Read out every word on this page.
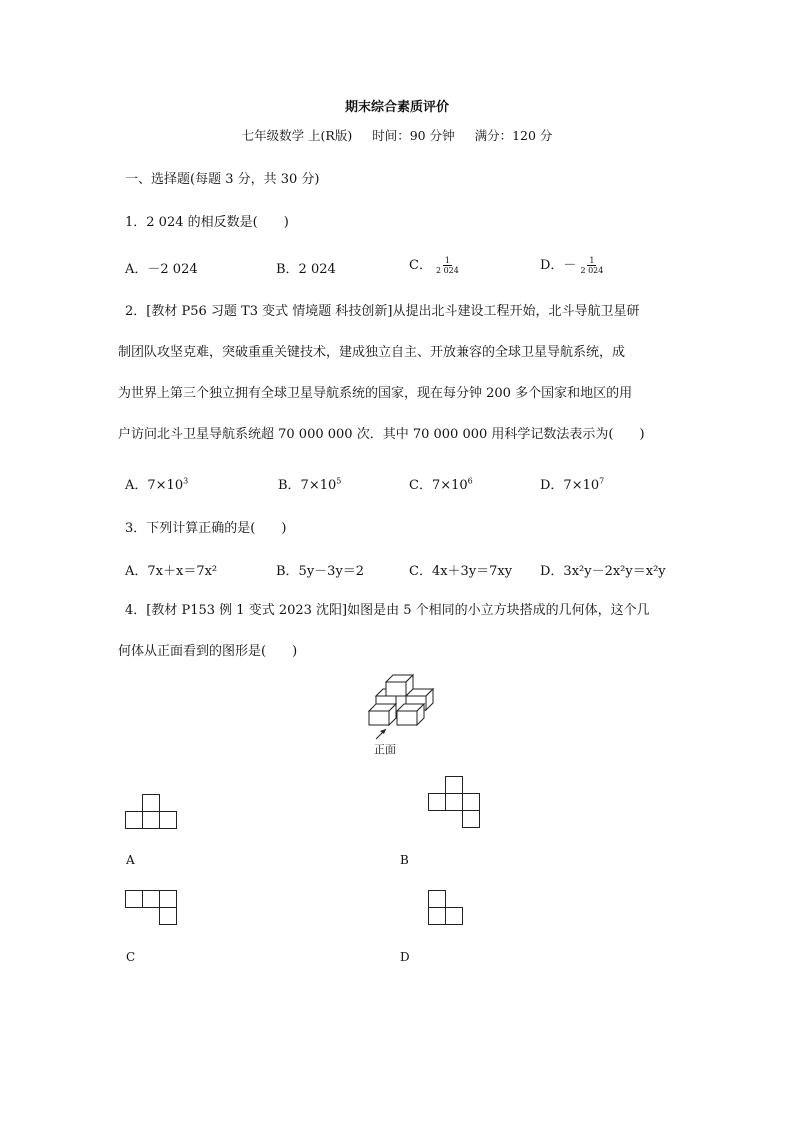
期末综合素质评价
七年级数学 上(R版) 时间：90 分钟 满分：120 分
一、选择题(每题 3 分，共 30 分)
1．2 024 的相反数是(　　)
A．－2 024	B．2 024	C． $\frac{1}{2 024}$	D．－ $\frac{1}{2 024}$
2．[教材 P56 习题 T3 变式 情境题 科技创新]从提出北斗建设工程开始，北斗导航卫星研
制团队攻坚克难，突破重重关键技术，建成独立自主、开放兼容的全球卫星导航系统，成
为世界上第三个独立拥有全球卫星导航系统的国家，现在每分钟 200 多个国家和地区的用
户访问北斗卫星导航系统超 70 000 000 次．其中 70 000 000 用科学记数法表示为(　　)
A．$7\times 10^3$	B．$7\times 10^5$	C．$7\times 10^6$	D．$7\times 10^7$
3．下列计算正确的是(　　)
A．7x＋x＝7x²	B．5y－3y＝2	C．4x＋3y＝7xy D．3x²y－2x²y＝x²y
4．[教材 P153 例 1 变式 2023 沈阳]如图是由 5 个相同的小立方块搭成的几何体，这个几
何体从正面看到的图形是(　　)
正面
A	B
C	D
